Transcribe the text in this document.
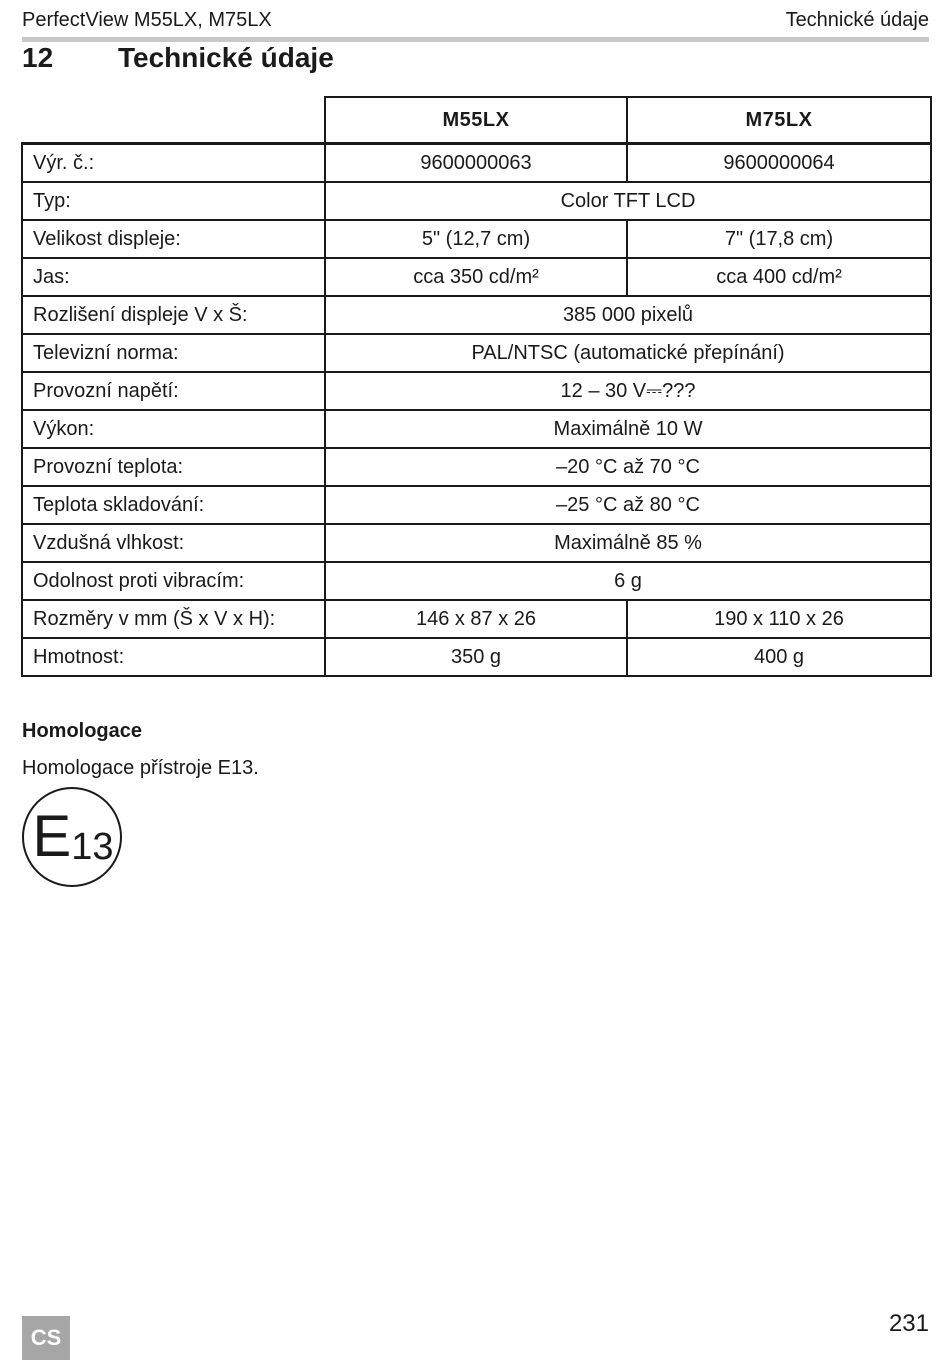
PerfectView M55LX, M75LX	Technické údaje
12	Technické údaje
	M55LX	M75LX
Výr. č.:	9600000063	9600000064
Typ:	Color TFT LCD	
Velikost displeje:	5" (12,7 cm)	7" (17,8 cm)
Jas:	cca 350 cd/m²	cca 400 cd/m²
Rozlišení displeje V x Š:	385 000 pixelů	
Televizní norma:	PAL/NTSC (automatické přepínání)	
Provozní napětí:	12 – 30 V⎓???	
Výkon:	Maximálně 10 W	
Provozní teplota:	–20 °C až 70 °C	
Teplota skladování:	–25 °C až 80 °C	
Vzdušná vlhkost:	Maximálně 85 %	
Odolnost proti vibracím:	6 g	
Rozměry v mm (Š x V x H):	146 x 87 x 26	190 x 110 x 26
Hmotnost:	350 g	400 g
Homologace
Homologace přístroje E13.
E 13
CS
231
